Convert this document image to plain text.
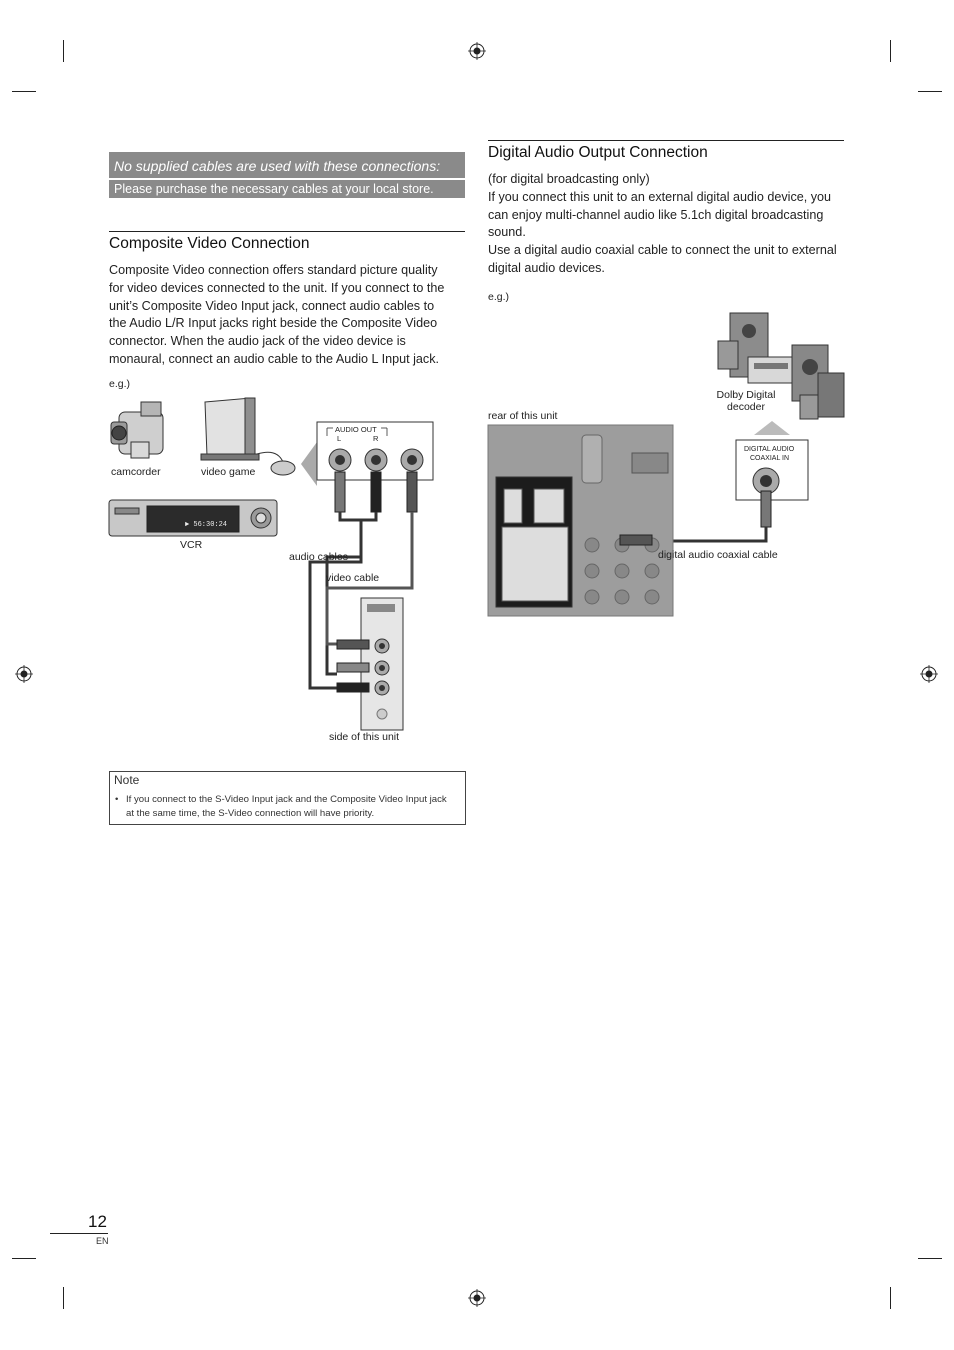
No supplied cables are used with these connections:
Please purchase the necessary cables at your local store.
Composite Video Connection
Composite Video connection offers standard picture quality for video devices connected to the unit. If you connect to the unit’s Composite Video Input jack, connect audio cables to the Audio L/R Input jacks right beside the Composite Video connector. When the audio jack of the video device is monaural, connect an audio cable to the Audio L Input jack.
e.g.)
► 56:30:24
AUDIO OUT
L	R
camcorder	video game
VCR
audio cables
video cable
side of this unit
Note
• If you connect to the S-Video Input jack and the Composite Video Input jack at the same time, the S-Video connection will have priority.
Digital Audio Output Connection
(for digital broadcasting only)
If you connect this unit to an external digital audio device, you can enjoy multi-channel audio like 5.1ch digital broadcasting sound.
Use a digital audio coaxial cable to connect the unit to external digital audio devices.
e.g.)
DIGITAL AUDIO
COAXIAL IN
rear of this unit
Dolby Digital decoder
digital audio coaxial cable
12
EN
